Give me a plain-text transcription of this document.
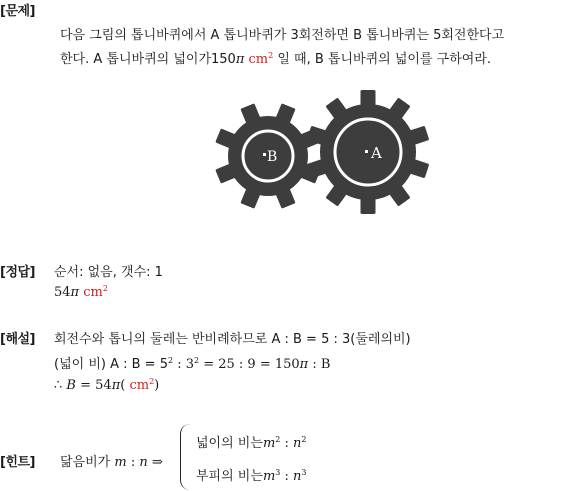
[문제]
다음 그림의 톱니바퀴에서 A 톱니바퀴가 3회전하면 B 톱니바퀴는 5회전한다고
한다. A 톱니바퀴의 넓이가150π $cm^2$ 일 때, B 톱니바퀴의 넓이를 구하여라.
B	A
[정답] 순서: 없음, 갯수: 1
54π $cm^2$
[해설] 회전수와 톱니의 둘레는 반비례하므로 A : B = 5 : 3(둘레의비)
(넓이 비) A : $B = 5^2$ : $3^2 = 25$ : 9 = 150π : B
∴ B = 54π( $cm^2$)
[힌트] 닮음비가 m : n ⇒
넓이의 비는$m^2$ : $n^2$
부피의 비는$m^3$ : $n^3$
